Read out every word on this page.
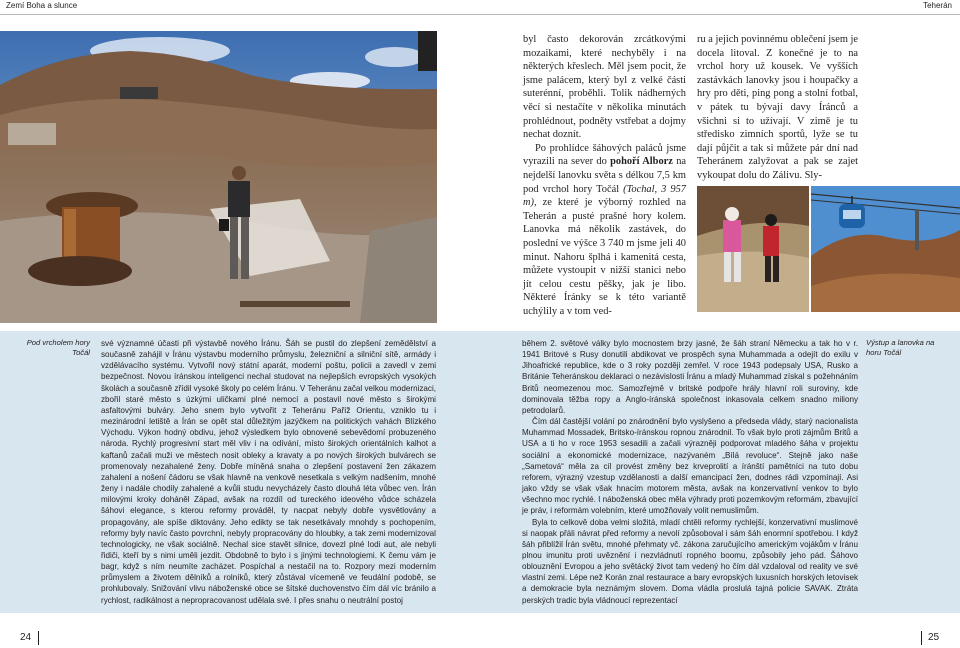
Zemí Boha a slunce	Teherán

byl často dekorován zrcátkovými mozaikami, které nechyběly i na některých křeslech. Měl jsem pocit, že jsme palácem, který byl z velké části suterénní, proběhli. Tolik nádherných věcí si nestačíte v několika minutách prohlédnout, podněty vstřebat a dojmy nechat doznít.

Po prohlídce šáhových paláců jsme vyrazili na sever do pohoří Alborz na nejdelší lanovku světa s délkou 7,5 km pod vrchol hory Točál (Tochal, 3 957 m), ze které je výborný rozhled na Teherán a pusté prašné hory kolem. Lanovka má několik zastávek, do poslední ve výšce 3 740 m jsme jeli 40 minut. Nahoru šplhá i kamenitá cesta, můžete vystoupit v nižší stanici nebo jít celou cestu pěšky, jak je libo. Některé Íránky se k této variantě uchýlily a v tom ved-

ru a jejich povinnému oblečení jsem je docela litoval. Z konečné je to na vrchol hory už kousek. Ve vyšších zastávkách lanovky jsou i houpačky a hry pro děti, ping pong a stolní fotbal, v pátek tu bývají davy Íránců a všichni si to užívají. V zimě je tu středisko zimních sportů, lyže se tu dají půjčit a tak si můžete pár dní nad Teheránem zalyžovat a pak se zajet vykoupat dolu do Zálivu. Sly-

Pod vrcholem hory Točál

své významné účasti při výstavbě nového Íránu. Šáh se pustil do zlepšení zemědělství a současně zahájil v Íránu výstavbu moderního průmyslu, železniční a silniční sítě, armády i vzdělávacího systému. Vytvořil nový státní aparát, moderní poštu, policii a zavedl v zemi bezpečnost. Novou íránskou inteligenci nechal studovat na nejlepších evropských vysokých školách a současně zřídil vysoké školy po celém Íránu. V Teheránu začal velkou modernizaci, zbořil staré město s úzkými uličkami plné nemocí a postavil nové město s širokými asfaltovými bulváry. Jeho snem bylo vytvořit z Teheránu Paříž Orientu, vzniklo tu i mezinárodní letiště a Írán se opět stal důležitým jazýčkem na politických vahách Blízkého Východu. Výkon hodný obdivu, jehož výsledkem bylo obnovené sebevědomí probuzeného národa. Rychlý progresivní start měl vliv i na odívání, místo širokých orientálních kalhot a kaftanů začali muži ve městech nosit obleky a kravaty a po nových širokých bulvárech se promenovaly nezahalené ženy. Dobře míněná snaha o zlepšení postavení žen zákazem zahalení a nošení čádoru se však hlavně na venkově nesetkala s velkým nadšením, mnohé ženy i nadále chodily zahalené a kvůli studu nevycházely často dlouhá léta vůbec ven. Írán milovými kroky doháněl Západ, avšak na rozdíl od tureckého ideového vůdce scházela šáhovi elegance, s kterou reformy prováděl, ty nacpat nebyly dobře vysvětlovány a propagovány, ale spíše diktovány. Jeho edikty se tak nesetkávaly mnohdy s pochopením, reformy byly navíc často povrchní, nebyly propracovány do hloubky, a tak zemi modernizoval technologicky, ne však sociálně. Nechal sice stavět silnice, dovezl plné lodi aut, ale nebyli řidiči, kteří by s nimi uměli jezdit. Obdobně to bylo i s jinými technologiemi. K čemu vám je bagr, když s ním neumíte zacházet. Pospíchal a nestačil na to. Rozpory mezi moderním průmyslem a životem dělníků a rolníků, který zůstával vícemeně ve feudální podobě, se prohlubovaly. Snižování vlivu náboženské obce se šítské duchovenstvo čím dál víc bránilo a rychlost, radikálnost a nepropracovanost udělala své. I přes snahu o neutrální postoj

během 2. světové války bylo mocnostem brzy jasné, že šáh straní Německu a tak ho v r. 1941 Britové s Rusy donutili abdikovat ve prospěch syna Muhammada a odejít do exilu v Jihoafrické republice, kde o 3 roky později zemřel. V roce 1943 podepsaly USA, Rusko a Británie Teheránskou deklaraci o nezávislosti Íránu a mladý Muhammad získal s požehnáním Britů neomezenou moc. Samozřejmě v britské podpoře hrály hlavní roli suroviny, kde dominovala těžba ropy a Anglo-íránská společnost inkasovala celkem snadno miliony petrodolarů.

Čím dál častější volání po znárodnění bylo vyslyšeno a předseda vlády, starý nacionalista Muhammad Mossadek, Britsko-íránskou ropnou znárodnil. To však bylo proti zájmům Britů a USA a ti ho v roce 1953 sesadili a začali výrazněji podporovat mladého šáha v projektu sociální a ekonomické modernizace, nazývaném „Bílá revoluce“. Stejně jako naše „Sametová“ měla za cíl provést změny bez krveprolití a íránští pamětníci na tuto dobu reforem, výrazný vzestup vzdělanosti a další emancipací žen, dodnes rádi vzpomínají. Asi jako vždy se však však hnacím motorem města, avšak na konzervativní venkov to bylo všechno moc rychlé. I náboženská obec měla výhrady proti pozemkovým reformám, zbavující je práv, i reformám volebním, které umožňovaly volit nemuslimům.

Byla to celkově doba velmi složitá, mladí chtěli reformy rychlejší, konzervativní muslimové si naopak přáli návrat před reformy a nevolí způsoboval i sám šáh enormní spotřebou. I když šáh přiblížil Írán světu, mnohé přehmaty vč. zákona zaručujícího americkým vojákům v Íránu plnou imunitu proti uvěznění i nezvládnutí ropného boomu, způsobily jeho pád. Šáhovo oblouznění Evropou a jeho světácký život tam vedený ho čím dál vzdaloval od reality ve své vlastní zemi. Lépe než Korán znal restaurace a bary evropských luxusních horských letovisek a demokracie byla neznámým slovem. Doma vládla proslulá tajná policie SAVAK. Ztráta perských tradic byla vládnoucí reprezentací

Výstup a lanovka na horu Točál
24	25
